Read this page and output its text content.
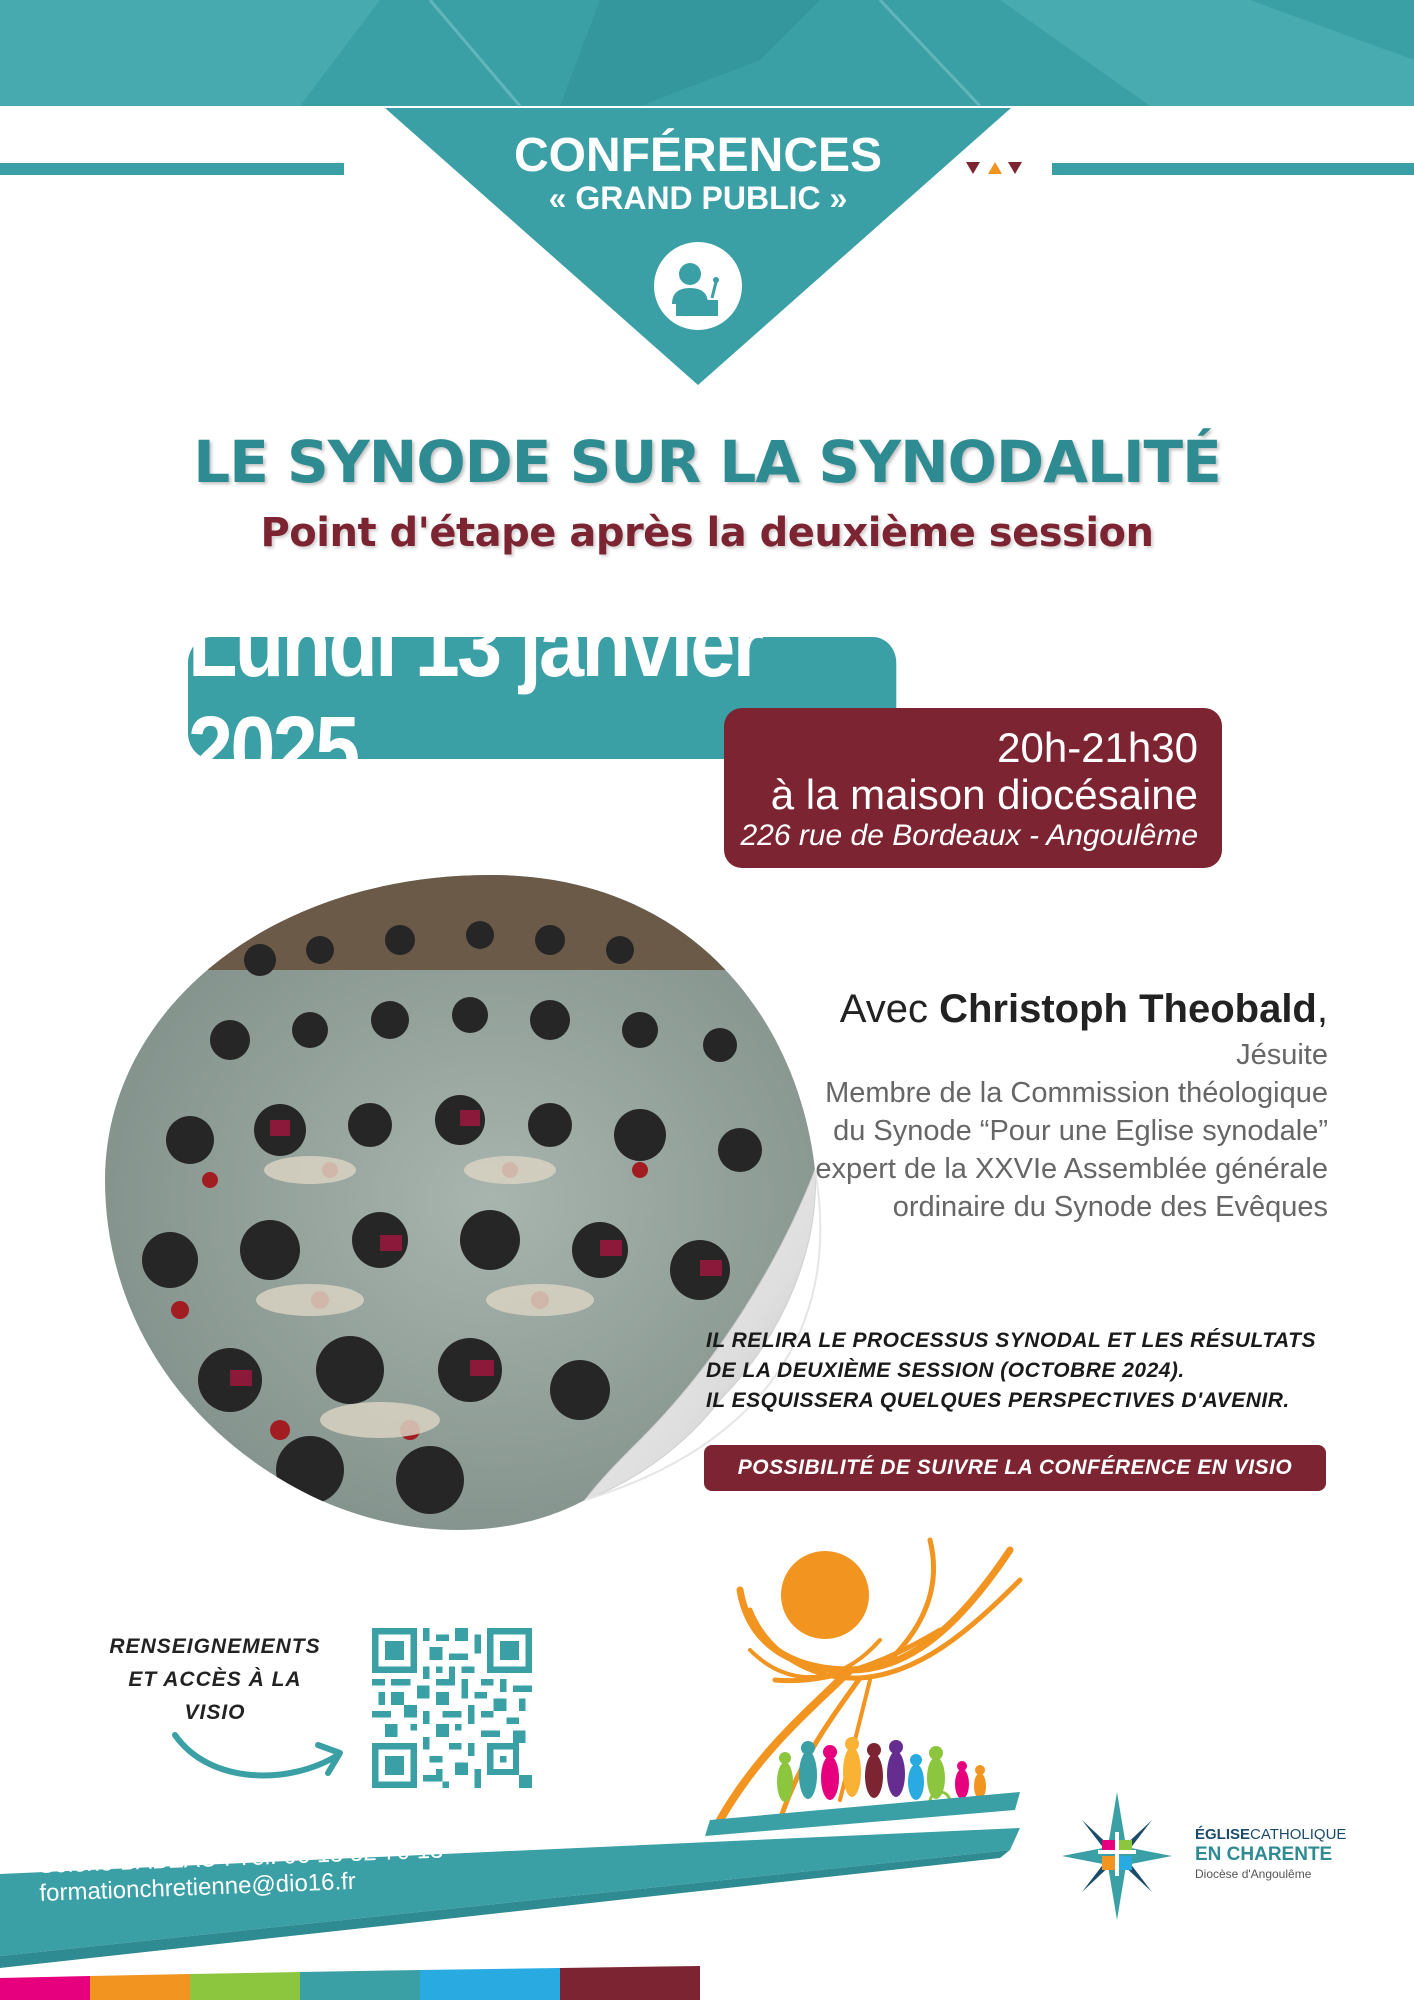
CONFÉRENCES
« GRAND PUBLIC »
LE SYNODE SUR LA SYNODALITÉ
Point d'étape après la deuxième session
Lundi 13 janvier 2025	20h-21h30
à la maison diocésaine
226 rue de Bordeaux - Angoulême
Avec Christoph Theobald,
Jésuite
Membre de la Commission théologique
du Synode “Pour une Eglise synodale”
expert de la XXVIe Assemblée générale
ordinaire du Synode des Evêques
IL RELIRA LE PROCESSUS SYNODAL ET LES RÉSULTATS
DE LA DEUXIÈME SESSION (OCTOBRE 2024).
IL ESQUISSERA QUELQUES PERSPECTIVES D'AVENIR.
POSSIBILITÉ DE SUIVRE LA CONFÉRENCE EN VISIO
RENSEIGNEMENTS
ET ACCÈS À LA VISIO
ÉGLISECATHOLIQUE
EN CHARENTE
Diocèse d'Angoulême
Solène BABEAU : Tél. 06 15 52 70 13 - formationchretienne@dio16.fr
